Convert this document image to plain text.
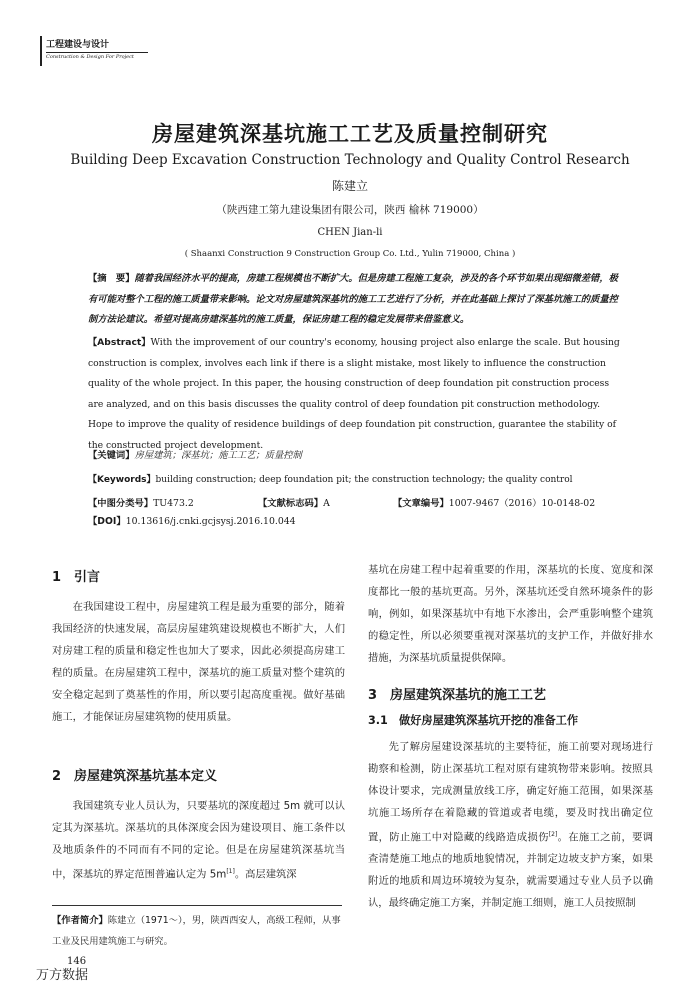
工程建设与设计
Construction & Design For Project
房屋建筑深基坑施工工艺及质量控制研究
Building Deep Excavation Construction Technology and Quality Control Research
陈建立
（陕西建工第九建设集团有限公司，陕西 榆林 719000）
CHEN Jian-li
( Shaanxi Construction 9 Construction Group Co. Ltd., Yulin 719000, China )
【摘　要】随着我国经济水平的提高，房建工程规模也不断扩大。但是房建工程施工复杂，涉及的各个环节如果出现细微差错，极有可能对整个工程的施工质量带来影响。论文对房屋建筑深基坑的施工工艺进行了分析，并在此基础上探讨了深基坑施工的质量控制方法论建议。希望对提高房建深基坑的施工质量，保证房建工程的稳定发展带来借鉴意义。
【Abstract】With the improvement of our country's economy, housing project also enlarge the scale. But housing construction is complex, involves each link if there is a slight mistake, most likely to influence the construction quality of the whole project. In this paper, the housing construction of deep foundation pit construction process are analyzed, and on this basis discusses the quality control of deep foundation pit construction methodology. Hope to improve the quality of residence buildings of deep foundation pit construction, guarantee the stability of the constructed project development.
【关键词】房屋建筑；深基坑；施工工艺；质量控制
【Keywords】building construction; deep foundation pit; the construction technology; the quality control
【中图分类号】TU473.2	【文献标志码】A	【文章编号】1007-9467（2016）10-0148-02
【DOI】10.13616/j.cnki.gcjsysj.2016.10.044
1　引言

在我国建设工程中，房屋建筑工程是最为重要的部分，随着我国经济的快速发展，高层房屋建筑建设规模也不断扩大，人们对房建工程的质量和稳定性也加大了要求，因此必须提高房建工程的质量。在房屋建筑工程中，深基坑的施工质量对整个建筑的安全稳定起到了奠基性的作用，所以要引起高度重视。做好基础施工，才能保证房屋建筑物的使用质量。

2　房屋建筑深基坑基本定义

我国建筑专业人员认为，只要基坑的深度超过 5m 就可以认定其为深基坑。深基坑的具体深度会因为建设项目、施工条件以及地质条件的不同而有不同的定论。但是在房屋建筑深基坑当中，深基坑的界定范围普遍认定为 5m[1]。高层建筑深

基坑在房建工程中起着重要的作用，深基坑的长度、宽度和深度都比一般的基坑更高。另外，深基坑还受自然环境条件的影响，例如，如果深基坑中有地下水渗出，会严重影响整个建筑的稳定性，所以必须要重视对深基坑的支护工作，并做好排水措施，为深基坑质量提供保障。

3　房屋建筑深基坑的施工工艺
3.1　做好房屋建筑深基坑开挖的准备工作

先了解房屋建设深基坑的主要特征，施工前要对现场进行勘察和检测，防止深基坑工程对原有建筑物带来影响。按照具体设计要求，完成测量放线工序，确定好施工范围，如果深基坑施工场所存在着隐藏的管道或者电缆，要及时找出确定位置，防止施工中对隐藏的线路造成损伤[2]。在施工之前，要调查清楚施工地点的地质地貌情况，并制定边坡支护方案，如果附近的地质和周边环境较为复杂，就需要通过专业人员予以确认，最终确定施工方案，并制定施工细则，施工人员按照制

【作者简介】陈建立（1971～），男，陕西西安人，高级工程师，从事工业及民用建筑施工与研究。
146
万方数据
